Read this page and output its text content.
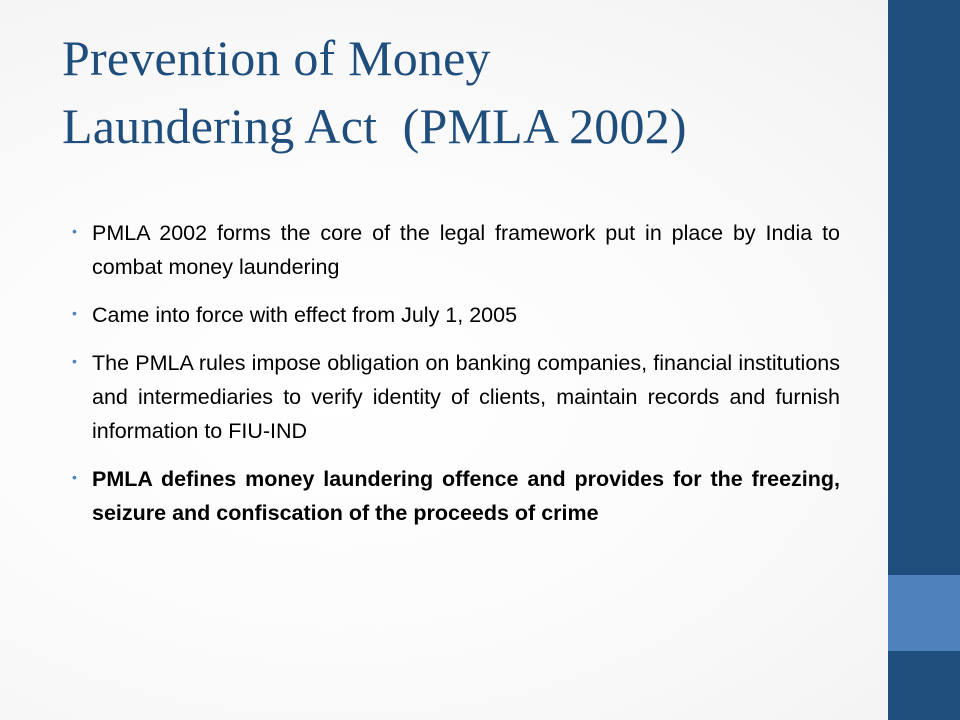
Prevention of Money
Laundering Act  (PMLA 2002)
• PMLA 2002 forms the core of the legal framework put in place by India to combat money laundering
• Came into force with effect from July 1, 2005
• The PMLA rules impose obligation on banking companies, financial institutions and intermediaries to verify identity of clients, maintain records and furnish information to FIU-IND
• PMLA defines money laundering offence and provides for the freezing, seizure and confiscation of the proceeds of crime
